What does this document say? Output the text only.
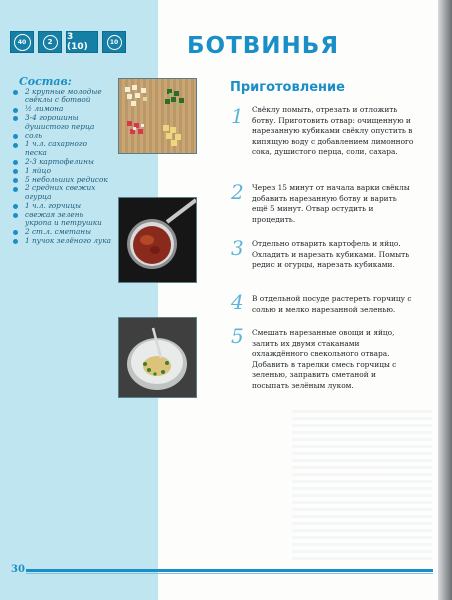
40	2	3 (10)	10	БОТВИНЬЯ
Состав:
2 крупные молодые свёклы с ботвой
½ лимона
3-4 горошины душистого перца
соль
1 ч.л. сахарного песка
2-3 картофелины
1 яйцо
5 небольших редисок
2 средних свежих огурца
1 ч.л. горчицы
свежая зелень укропа и петрушки
2 ст.л. сметаны
1 пучок зелёного лука
Приготовление
1 Свёклу помыть, отрезать и отложить ботву. Приготовить отвар: очищенную и нарезанную кубиками свёклу опустить в кипящую воду с добавлением лимонного сока, душистого перца, соли, сахара.
2 Через 15 минут от начала варки свёклы добавить нарезанную ботву и варить ещё 5 минут. Отвар остудить и процедить.
3 Отдельно отварить картофель и яйцо. Охладить и нарезать кубиками. Помыть редис и огурцы, нарезать кубиками.
4 В отдельной посуде растереть горчицу с солью и мелко нарезанной зеленью.
5 Смешать нарезанные овощи и яйцо, залить их двумя стаканами охлаждённого свекольного отвара. Добавить в тарелки смесь горчицы с зеленью, заправить сметаной и посыпать зелёным луком.
30
